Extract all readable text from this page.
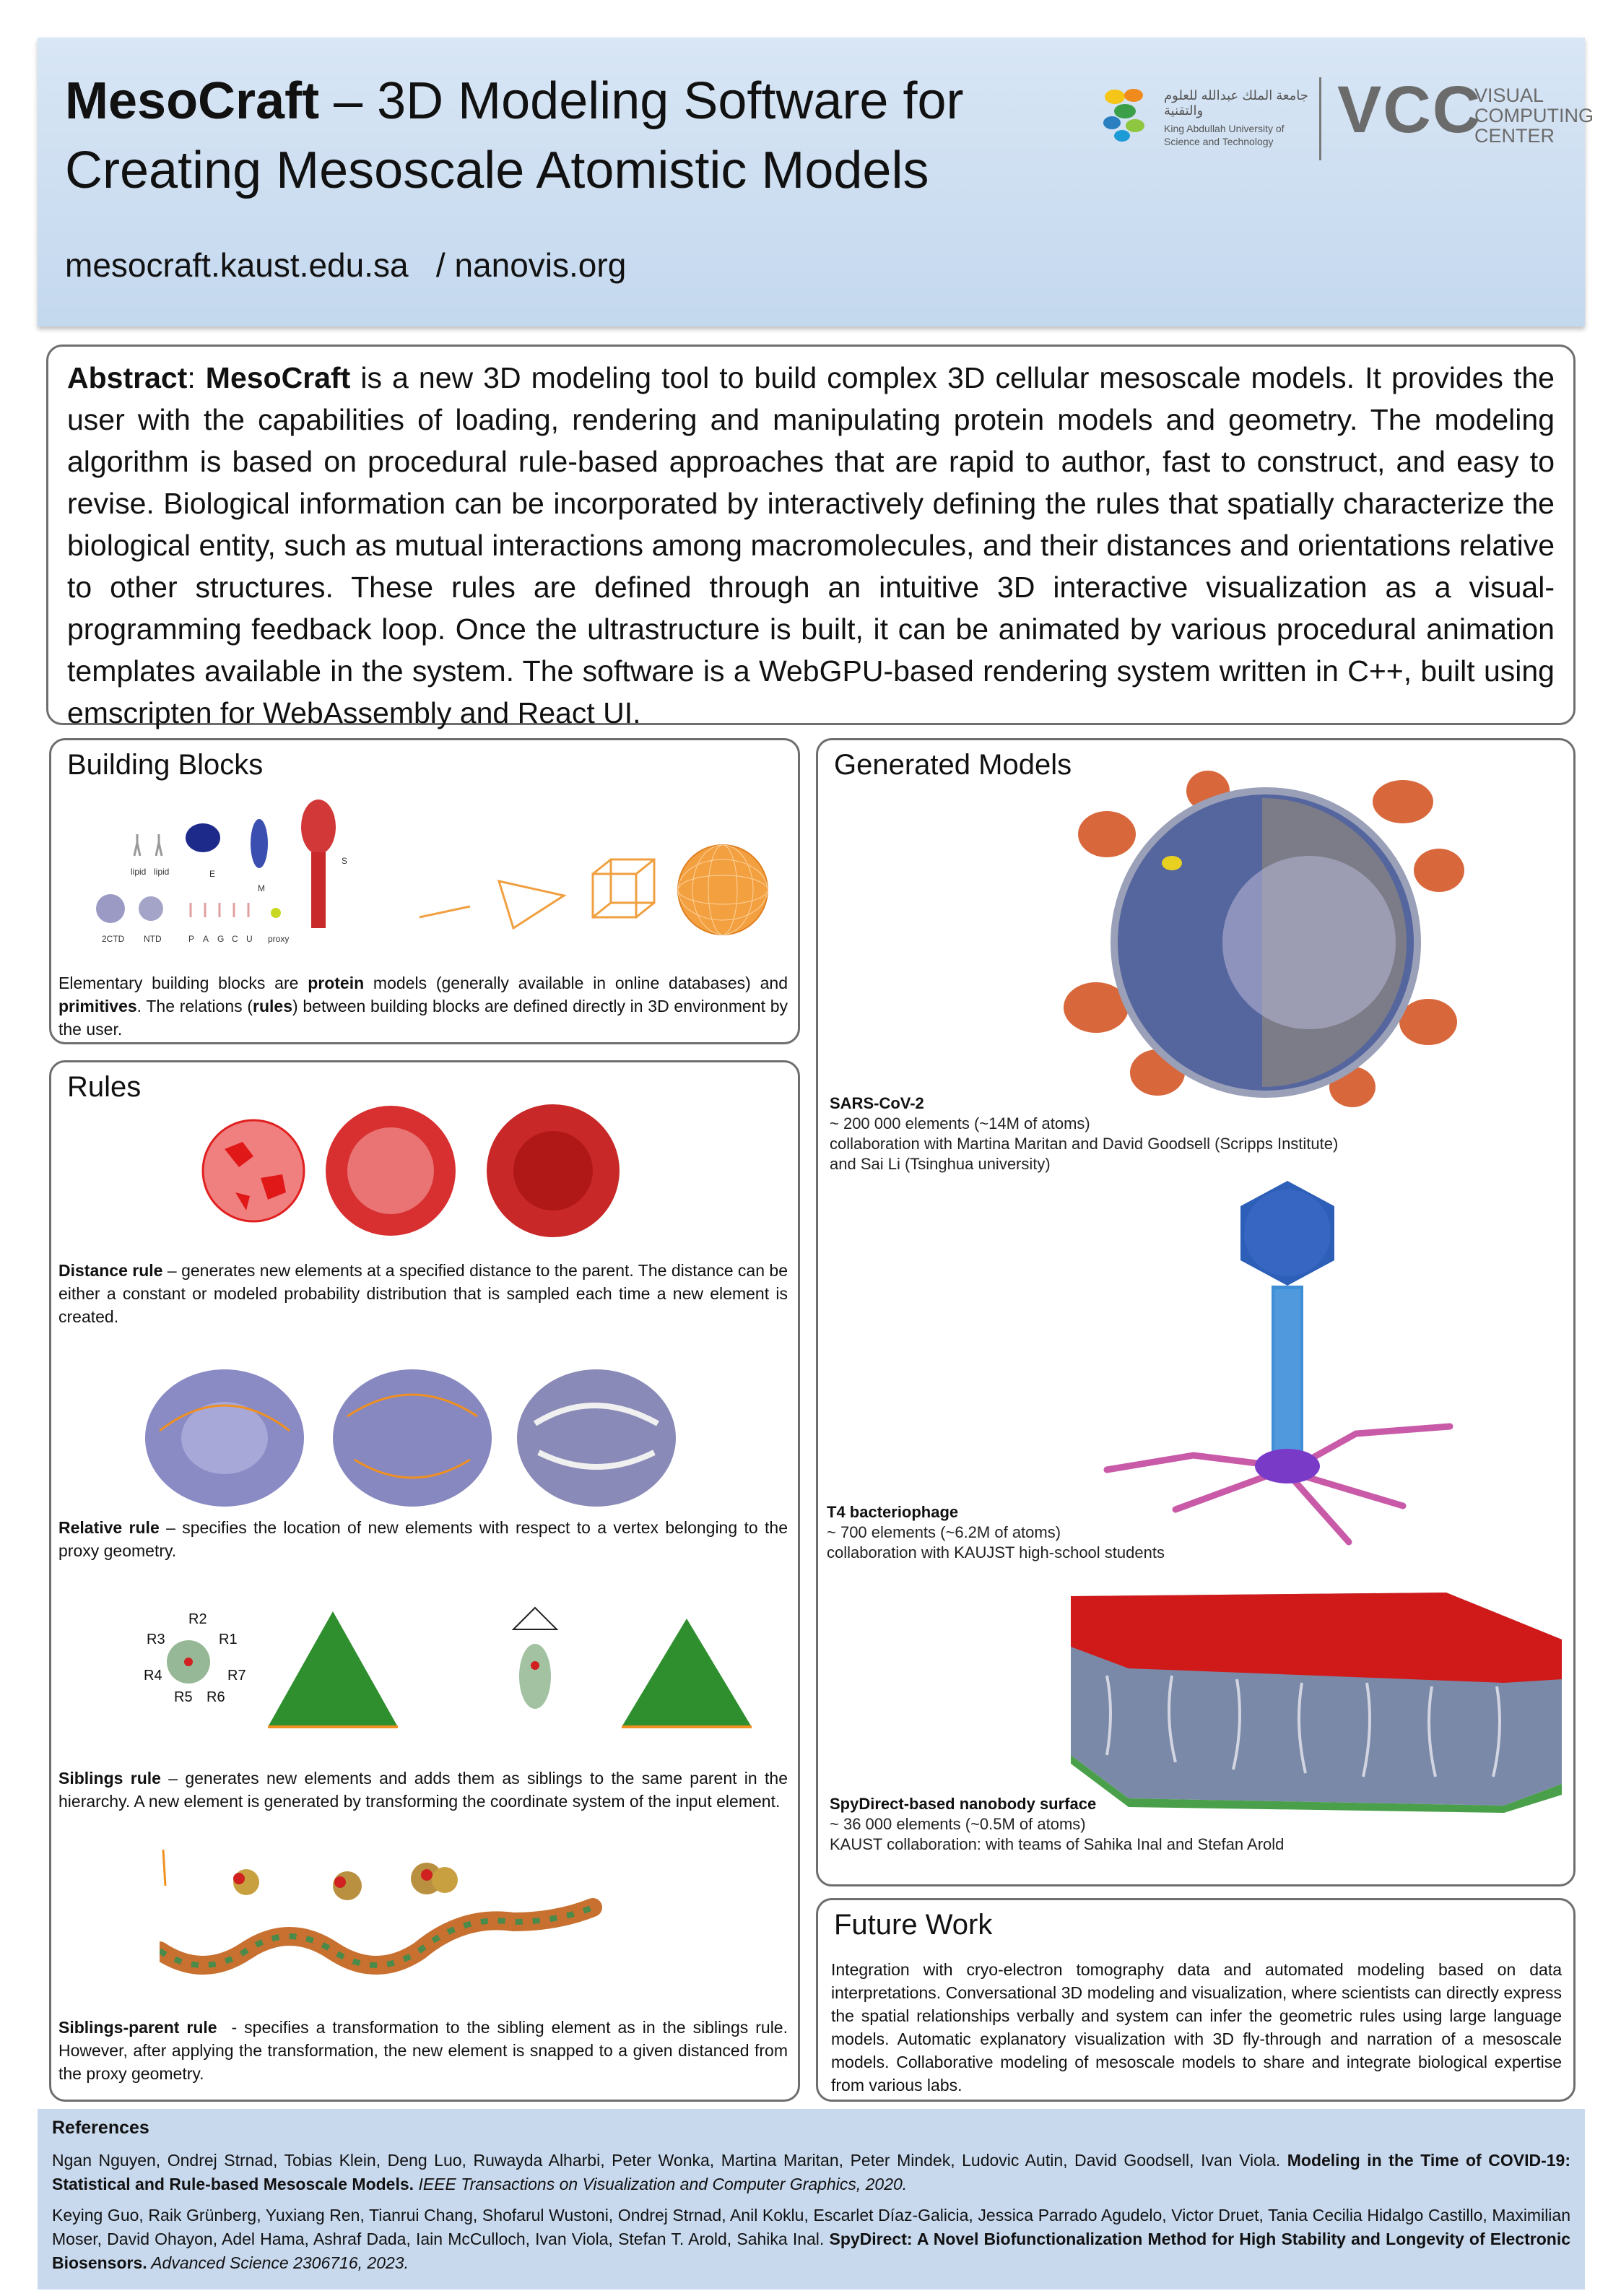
MesoCraft – 3D Modeling Software for
Creating Mesoscale Atomistic Models
mesocraft.kaust.edu.sa   / nanovis.org
جامعة الملك عبدالله للعلوم والتقنية
King Abdullah University of
Science and Technology VCC
VISUAL
COMPUTING
CENTER

Abstract: MesoCraft is a new 3D modeling tool to build complex 3D cellular mesoscale models. It provides the user with the capabilities of loading, rendering and manipulating protein models and geometry. The modeling algorithm is based on procedural rule-based approaches that are rapid to author, fast to construct, and easy to revise. Biological information can be incorporated by interactively defining the rules that spatially characterize the biological entity, such as mutual interactions among macromolecules, and their distances and orientations relative to other structures. These rules are defined through an intuitive 3D interactive visualization as a visual-programming feedback loop. Once the ultrastructure is built, it can be animated by various procedural animation templates available in the system. The software is a WebGPU-based rendering system written in C++, built using emscripten for WebAssembly and React UI.

Building Blocks
lipid lipid	E
M
S
2CTD NTD	P A G C U proxy
Elementary building blocks are protein models (generally available in online databases) and primitives. The relations (rules) between building blocks are defined directly in 3D environment by the user.
Rules
Distance rule – generates new elements at a specified distance to the parent. The distance can be either a constant or modeled probability distribution that is sampled each time a new element is created.
Relative rule – specifies the location of new elements with respect to a vertex belonging to the proxy geometry.
R2
R3	R1
R4	R7
R5 R6
Siblings rule – generates new elements and adds them as siblings to the same parent in the hierarchy. A new element is generated by transforming the coordinate system of the input element.
Siblings-parent rule  - specifies a transformation to the sibling element as in the siblings rule. However, after applying the transformation, the new element is snapped to a given distanced from the proxy geometry.
Generated Models
SARS-CoV-2
~ 200 000 elements (~14M of atoms)
collaboration with Martina Maritan and David Goodsell (Scripps Institute)
and Sai Li (Tsinghua university)
T4 bacteriophage
~ 700 elements (~6.2M of atoms)
collaboration with KAUJST high-school students
SpyDirect-based nanobody surface
~ 36 000 elements (~0.5M of atoms)
KAUST collaboration: with teams of Sahika Inal and Stefan Arold
Future Work
Integration with cryo-electron tomography data and automated modeling based on data interpretations. Conversational 3D modeling and visualization, where scientists can directly express the spatial relationships verbally and system can infer the geometric rules using large language models. Automatic explanatory visualization with 3D fly-through and narration of a mesoscale models. Collaborative modeling of mesoscale models to share and integrate biological expertise from various labs.
References

Ngan Nguyen, Ondrej Strnad, Tobias Klein, Deng Luo, Ruwayda Alharbi, Peter Wonka, Martina Maritan, Peter Mindek, Ludovic Autin, David Goodsell, Ivan Viola. Modeling in the Time of COVID-19: Statistical and Rule-based Mesoscale Models. IEEE Transactions on Visualization and Computer Graphics, 2020.

Keying Guo, Raik Grünberg, Yuxiang Ren, Tianrui Chang, Shofarul Wustoni, Ondrej Strnad, Anil Koklu, Escarlet Díaz-Galicia, Jessica Parrado Agudelo, Victor Druet, Tania Cecilia Hidalgo Castillo, Maximilian Moser, David Ohayon, Adel Hama, Ashraf Dada, Iain McCulloch, Ivan Viola, Stefan T. Arold, Sahika Inal. SpyDirect: A Novel Biofunctionalization Method for High Stability and Longevity of Electronic Biosensors. Advanced Science 2306716, 2023.
